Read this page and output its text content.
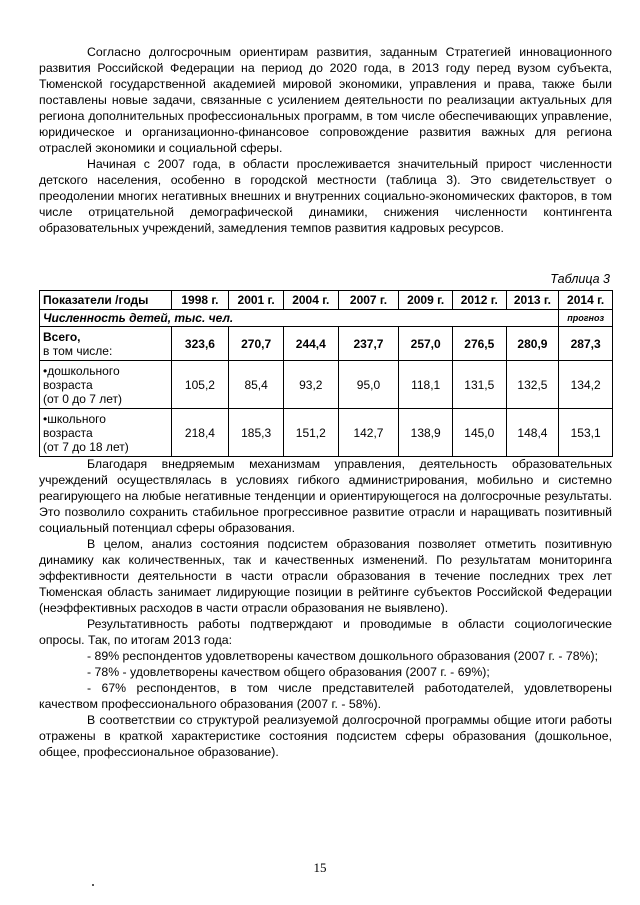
Согласно долгосрочным ориентирам развития, заданным Стратегией инновационного развития Российской Федерации на период до 2020 года, в 2013 году перед вузом субъекта, Тюменской государственной академией мировой экономики, управления и права, также были поставлены новые задачи, связанные с усилением деятельности по реализации актуальных для региона дополнительных профессиональных программ, в том числе обеспечивающих управление, юридическое и организационно-финансовое сопровождение развития важных для региона отраслей экономики и социальной сферы.

Начиная с 2007 года, в области прослеживается значительный прирост численности детского населения, особенно в городской местности (таблица 3). Это свидетельствует о преодолении многих негативных внешних и внутренних социально-экономических факторов, в том числе отрицательной демографической динамики, снижения численности контингента образовательных учреждений, замедления темпов развития кадровых ресурсов.

Таблица 3
Показатели /годы	1998 г.	2001 г.	2004 г.	2007 г.	2009 г.	2012 г.	2013 г.	2014 г.
Численность детей, тыс. чел.								прогноз

Всего,
в том числе:	323,6	270,7	244,4	237,7	257,0	276,5	280,9	287,3

•дошкольного
возраста
(от 0 до 7 лет)	105,2	85,4	93,2	95,0	118,1	131,5	132,5	134,2

•школьного
возраста
(от 7 до 18 лет)	218,4	185,3	151,2	142,7	138,9	145,0	148,4	153,1

Благодаря внедряемым механизмам управления, деятельность образовательных учреждений осуществлялась в условиях гибкого администрирования, мобильно и системно реагирующего на любые негативные тенденции и ориентирующегося на долгосрочные результаты. Это позволило сохранить стабильное прогрессивное развитие отрасли и наращивать позитивный социальный потенциал сферы образования.

В целом, анализ состояния подсистем образования позволяет отметить позитивную динамику как количественных, так и качественных изменений. По результатам мониторинга эффективности деятельности в части отрасли образования в течение последних трех лет Тюменская область занимает лидирующие позиции в рейтинге субъектов Российской Федерации (неэффективных расходов в части отрасли образования не выявлено).

Результативность работы подтверждают и проводимые в области социологические опросы. Так, по итогам 2013 года:

- 89% респондентов удовлетворены качеством дошкольного образования (2007 г. - 78%);

- 78% - удовлетворены качеством общего образования (2007 г. - 69%);

- 67% респондентов, в том числе представителей работодателей, удовлетворены качеством профессионального образования (2007 г. - 58%).

В соответствии со структурой реализуемой долгосрочной программы общие итоги работы отражены в краткой характеристике состояния подсистем сферы образования (дошкольное, общее, профессиональное образование).

15
